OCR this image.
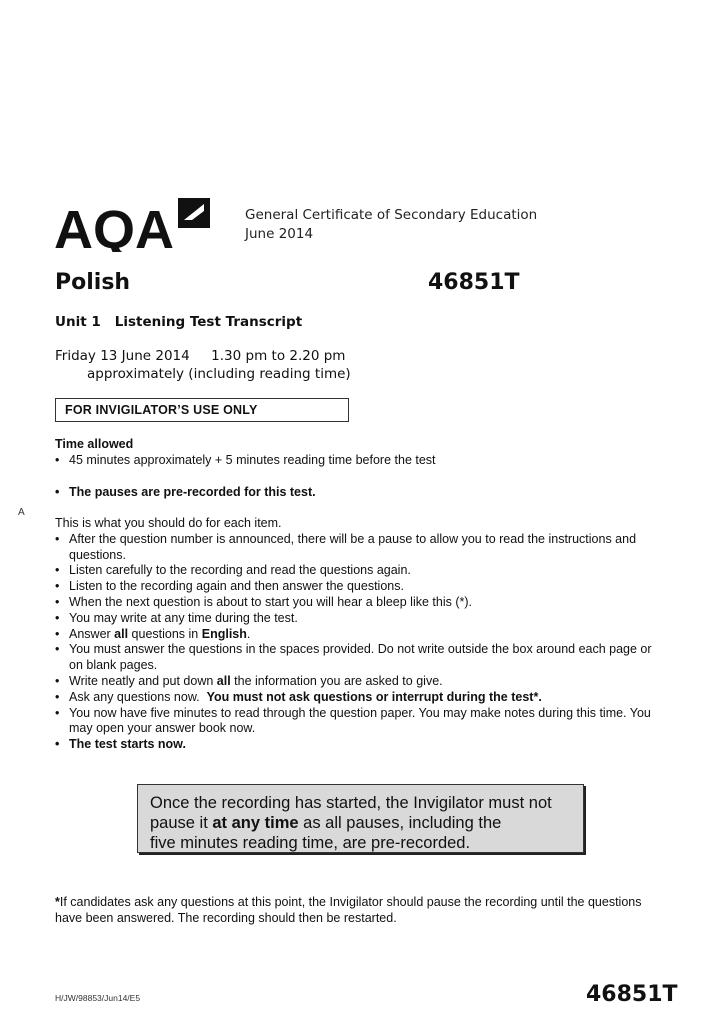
AQA	General Certificate of Secondary Education
June 2014
Polish	46851T
Unit 1 Listening Test Transcript
Friday 13 June 2014     1.30 pm to 2.20 pm
approximately (including reading time)
FOR INVIGILATOR’S USE ONLY
A
Time allowed
• 45 minutes approximately + 5 minutes reading time before the test
• The pauses are pre-recorded for this test.
This is what you should do for each item.
• After the question number is announced, there will be a pause to allow you to read the instructions and questions.
• Listen carefully to the recording and read the questions again.
• Listen to the recording again and then answer the questions.
• When the next question is about to start you will hear a bleep like this (*).
• You may write at any time during the test.
• Answer all questions in English.
• You must answer the questions in the spaces provided. Do not write outside the box around each page or on blank pages.
• Write neatly and put down all the information you are asked to give.
• Ask any questions now.  You must not ask questions or interrupt during the test*.
• You now have five minutes to read through the question paper. You may make notes during this time. You may open your answer book now.
• The test starts now.
Once the recording has started, the Invigilator must not
pause it at any time as all pauses, including the
five minutes reading time, are pre-recorded.
*If candidates ask any questions at this point, the Invigilator should pause the recording until the questions have been answered. The recording should then be restarted.
H/JW/98853/Jun14/E5	46851T
